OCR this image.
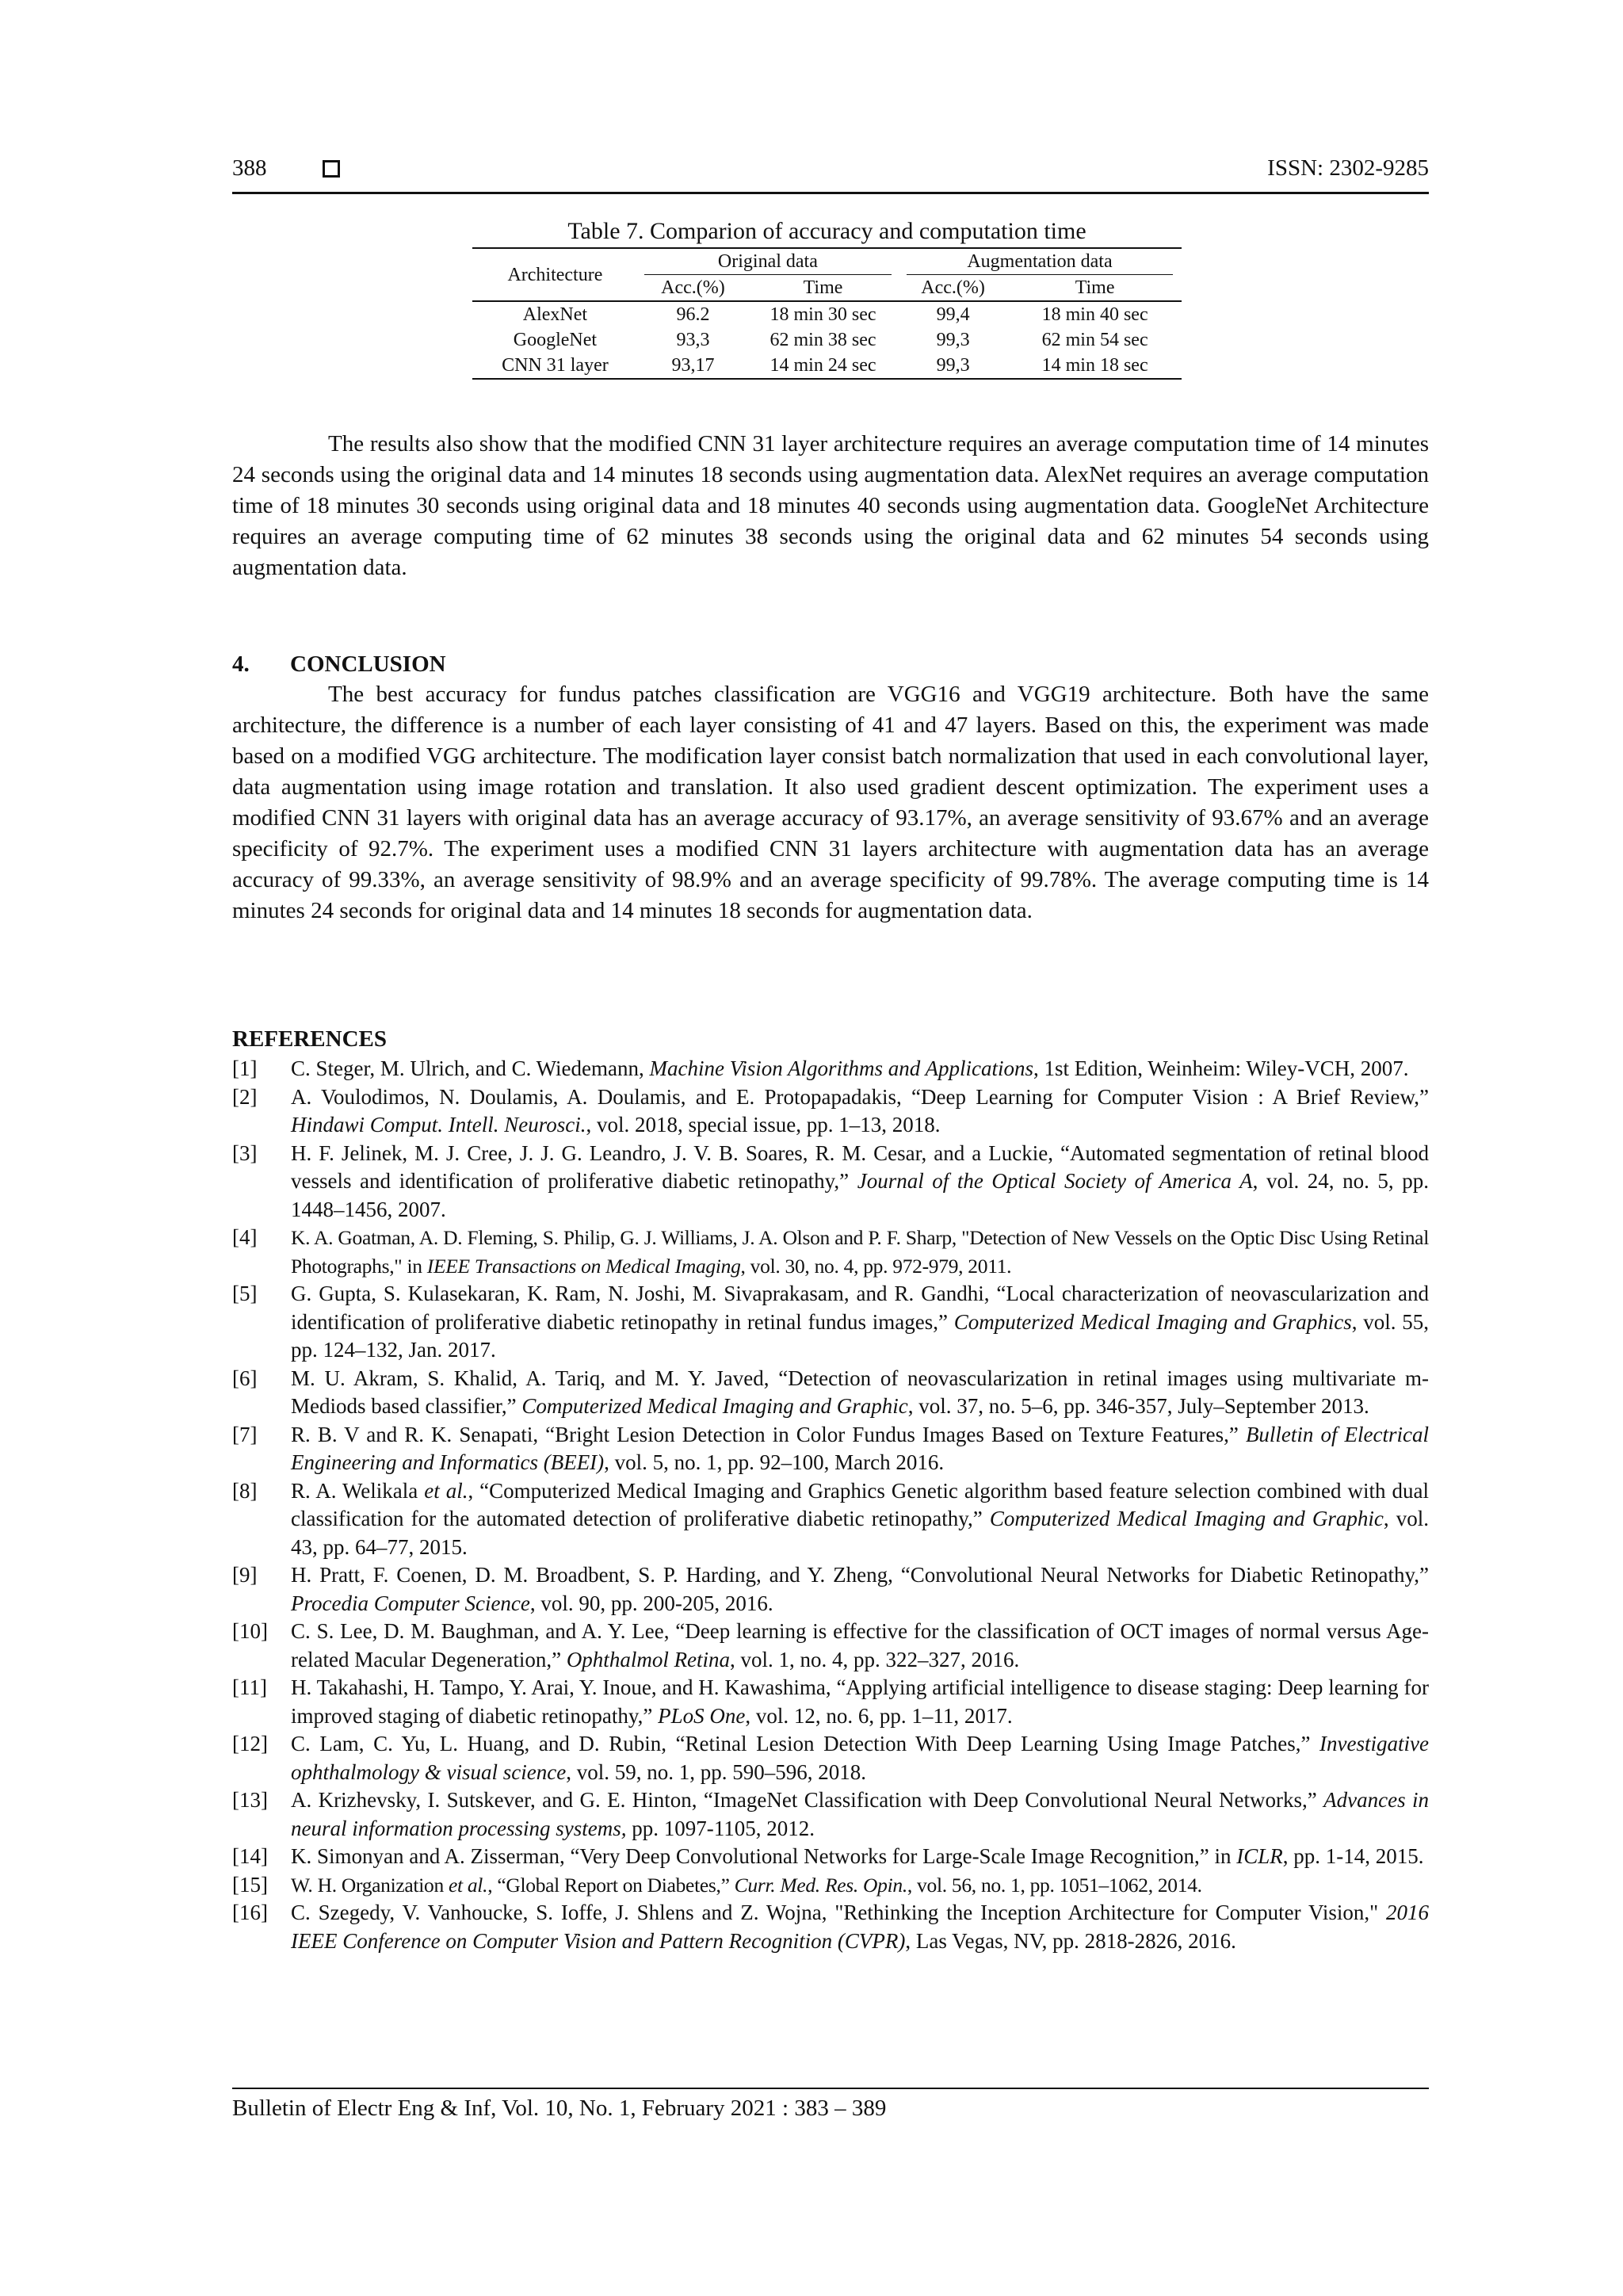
388	ISSN: 2302-9285
Table 7. Comparion of accuracy and computation time
Architecture	Original data		Augmentation data	
	Acc.(%)	Time	Acc.(%)	Time
AlexNet	96.2	18 min 30 sec	99,4	18 min 40 sec
GoogleNet	93,3	62 min 38 sec	99,3	62 min 54 sec
CNN 31 layer	93,17	14 min 24 sec	99,3	14 min 18 sec

The results also show that the modified CNN 31 layer architecture requires an average computation time of 14 minutes 24 seconds using the original data and 14 minutes 18 seconds using augmentation data. AlexNet requires an average computation time of 18 minutes 30 seconds using original data and 18 minutes 40 seconds using augmentation data. GoogleNet Architecture requires an average computing time of 62 minutes 38 seconds using the original data and 62 minutes 54 seconds using augmentation data.

4. CONCLUSION

The best accuracy for fundus patches classification are VGG16 and VGG19 architecture. Both have the same architecture, the difference is a number of each layer consisting of 41 and 47 layers. Based on this, the experiment was made based on a modified VGG architecture. The modification layer consist batch normalization that used in each convolutional layer, data augmentation using image rotation and translation. It also used gradient descent optimization. The experiment uses a modified CNN 31 layers with original data has an average accuracy of 93.17%, an average sensitivity of 93.67% and an average specificity of 92.7%. The experiment uses a modified CNN 31 layers architecture with augmentation data has an average accuracy of 99.33%, an average sensitivity of 98.9% and an average specificity of 99.78%. The average computing time is 14 minutes 24 seconds for original data and 14 minutes 18 seconds for augmentation data.

REFERENCES
[1]	C. Steger, M. Ulrich, and C. Wiedemann, Machine Vision Algorithms and Applications, 1st Edition, Weinheim: Wiley-VCH, 2007.
[2]	A. Voulodimos, N. Doulamis, A. Doulamis, and E. Protopapadakis, “Deep Learning for Computer Vision : A Brief Review,” Hindawi Comput. Intell. Neurosci., vol. 2018, special issue, pp. 1–13, 2018.
[3]	H. F. Jelinek, M. J. Cree, J. J. G. Leandro, J. V. B. Soares, R. M. Cesar, and a Luckie, “Automated segmentation of retinal blood vessels and identification of proliferative diabetic retinopathy,” Journal of the Optical Society of America A, vol. 24, no. 5, pp. 1448–1456, 2007.
[4]	K. A. Goatman, A. D. Fleming, S. Philip, G. J. Williams, J. A. Olson and P. F. Sharp, "Detection of New Vessels on the Optic Disc Using Retinal Photographs," in IEEE Transactions on Medical Imaging, vol. 30, no. 4, pp. 972-979, 2011.
[5]	G. Gupta, S. Kulasekaran, K. Ram, N. Joshi, M. Sivaprakasam, and R. Gandhi, “Local characterization of neovascularization and identification of proliferative diabetic retinopathy in retinal fundus images,” Computerized Medical Imaging and Graphics, vol. 55, pp. 124–132, Jan. 2017.
[6]	M. U. Akram, S. Khalid, A. Tariq, and M. Y. Javed, “Detection of neovascularization in retinal images using multivariate m-Mediods based classifier,” Computerized Medical Imaging and Graphic, vol. 37, no. 5–6, pp. 346-357, July–September 2013.
[7]	R. B. V and R. K. Senapati, “Bright Lesion Detection in Color Fundus Images Based on Texture Features,” Bulletin of Electrical Engineering and Informatics (BEEI), vol. 5, no. 1, pp. 92–100, March 2016.
[8]	R. A. Welikala et al., “Computerized Medical Imaging and Graphics Genetic algorithm based feature selection combined with dual classification for the automated detection of proliferative diabetic retinopathy,” Computerized Medical Imaging and Graphic, vol. 43, pp. 64–77, 2015.
[9]	H. Pratt, F. Coenen, D. M. Broadbent, S. P. Harding, and Y. Zheng, “Convolutional Neural Networks for Diabetic Retinopathy,” Procedia Computer Science, vol. 90, pp. 200-205, 2016.
[10]	C. S. Lee, D. M. Baughman, and A. Y. Lee, “Deep learning is effective for the classification of OCT images of normal versus Age-related Macular Degeneration,” Ophthalmol Retina, vol. 1, no. 4, pp. 322–327, 2016.
[11]	H. Takahashi, H. Tampo, Y. Arai, Y. Inoue, and H. Kawashima, “Applying artificial intelligence to disease staging: Deep learning for improved staging of diabetic retinopathy,” PLoS One, vol. 12, no. 6, pp. 1–11, 2017.
[12]	C. Lam, C. Yu, L. Huang, and D. Rubin, “Retinal Lesion Detection With Deep Learning Using Image Patches,” Investigative ophthalmology & visual science, vol. 59, no. 1, pp. 590–596, 2018.
[13]	A. Krizhevsky, I. Sutskever, and G. E. Hinton, “ImageNet Classification with Deep Convolutional Neural Networks,” Advances in neural information processing systems, pp. 1097-1105, 2012.
[14]	K. Simonyan and A. Zisserman, “Very Deep Convolutional Networks for Large-Scale Image Recognition,” in ICLR, pp. 1-14, 2015.
[15]	W. H. Organization et al., “Global Report on Diabetes,” Curr. Med. Res. Opin., vol. 56, no. 1, pp. 1051–1062, 2014.
[16]	C. Szegedy, V. Vanhoucke, S. Ioffe, J. Shlens and Z. Wojna, "Rethinking the Inception Architecture for Computer Vision," 2016 IEEE Conference on Computer Vision and Pattern Recognition (CVPR), Las Vegas, NV, pp. 2818-2826, 2016.
Bulletin of Electr Eng & Inf, Vol. 10, No. 1, February 2021 : 383 – 389
